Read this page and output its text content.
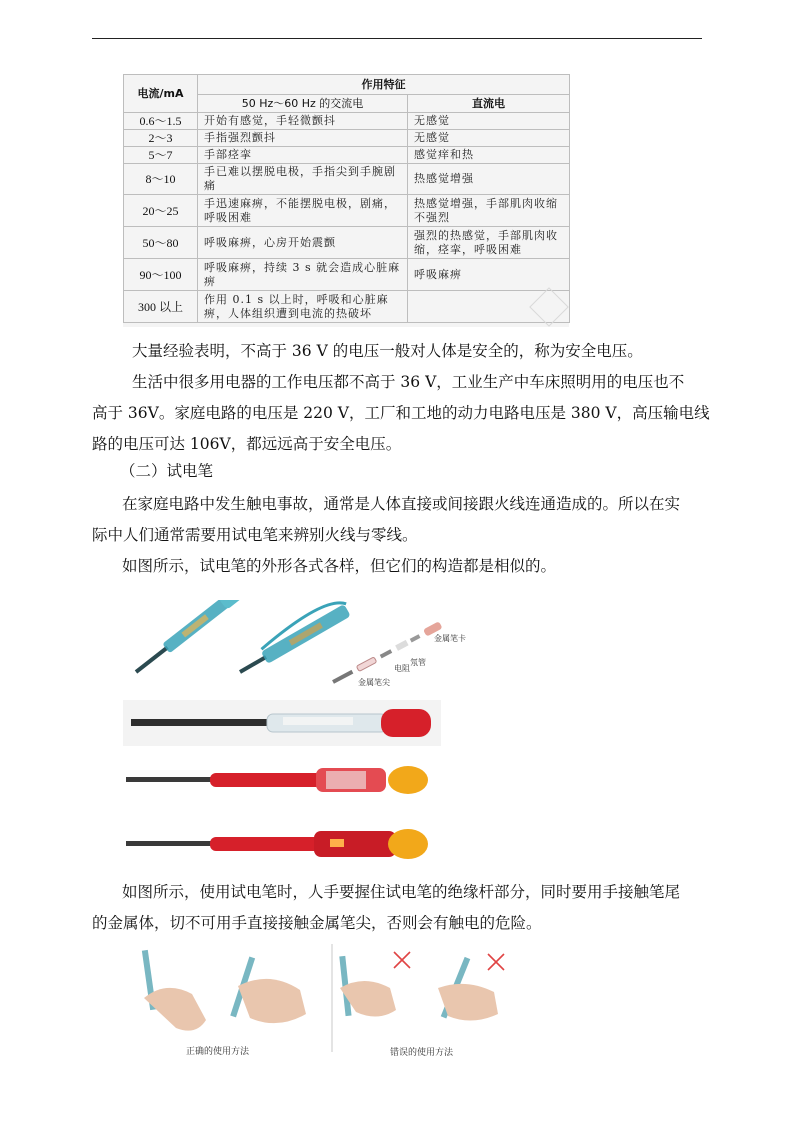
电流/mA	作用特征	
	50 Hz～60 Hz 的交流电	直流电
0.6～1.5	开始有感觉，手轻微颤抖	无感觉
2～3	手指强烈颤抖	无感觉
5～7	手部痉挛	感觉痒和热
8～10	手已难以摆脱电极，手指尖到手腕剧痛	热感觉增强
20～25	手迅速麻痹，不能摆脱电极，剧痛，呼吸困难	热感觉增强，手部肌肉收缩不强烈
50～80	呼吸麻痹，心房开始震颤	强烈的热感觉，手部肌肉收缩，痉挛，呼吸困难
90～100	呼吸麻痹，持续 3 s 就会造成心脏麻痹	呼吸麻痹
300 以上	作用 0.1 s 以上时，呼吸和心脏麻痹，人体组织遭到电流的热破坏	
大量经验表明，不高于 36 V 的电压一般对人体是安全的，称为安全电压。
生活中很多用电器的工作电压都不高于 36 V，工业生产中车床照明用的电压也不
高于 36V。家庭电路的电压是 220 V，工厂和工地的动力电路电压是 380 V，高压输电线
路的电压可达 106V，都远远高于安全电压。
（二）试电笔
在家庭电路中发生触电事故，通常是人体直接或间接跟火线连通造成的。所以在实
际中人们通常需要用试电笔来辨别火线与零线。
如图所示，试电笔的外形各式各样，但它们的构造都是相似的。
金属笔卡
氖管
电阻
金属笔尖
如图所示，使用试电笔时，人手要握住试电笔的绝缘杆部分，同时要用手接触笔尾
的金属体，切不可用手直接接触金属笔尖，否则会有触电的危险。
正确的使用方法	错误的使用方法
